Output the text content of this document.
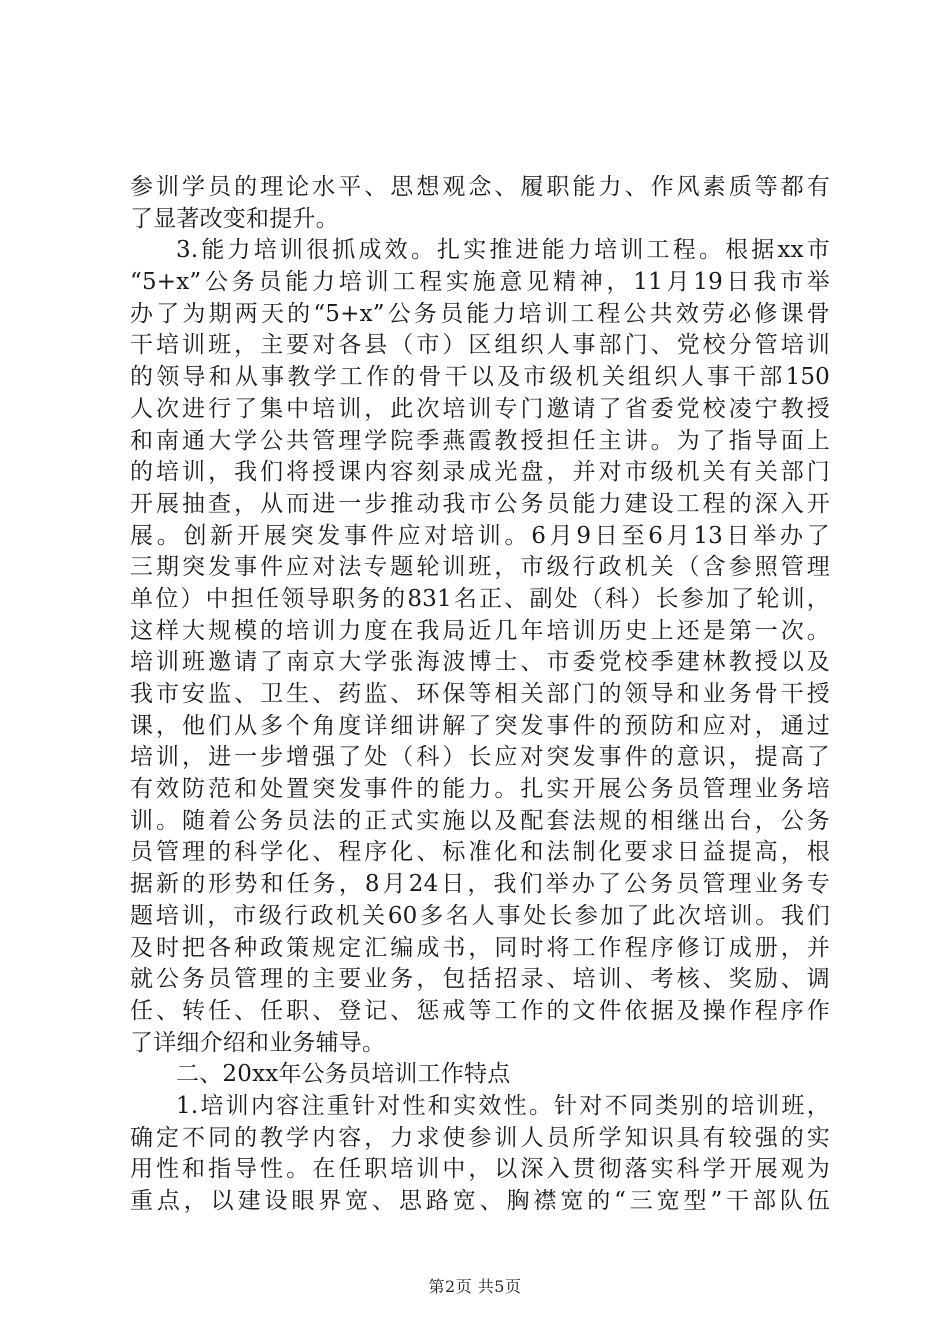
参训学员的理论水平、思想观念、履职能力、作风素质等都有
了显著改变和提升。
3.能力培训很抓成效。扎实推进能力培训工程。根据xx市
“5+x”公务员能力培训工程实施意见精神，11月19日我市举
办了为期两天的“5+x”公务员能力培训工程公共效劳必修课骨
干培训班，主要对各县（市）区组织人事部门、党校分管培训
的领导和从事教学工作的骨干以及市级机关组织人事干部150
人次进行了集中培训，此次培训专门邀请了省委党校凌宁教授
和南通大学公共管理学院季燕霞教授担任主讲。为了指导面上
的培训，我们将授课内容刻录成光盘，并对市级机关有关部门
开展抽查，从而进一步推动我市公务员能力建设工程的深入开
展。创新开展突发事件应对培训。6月9日至6月13日举办了
三期突发事件应对法专题轮训班，市级行政机关（含参照管理
单位）中担任领导职务的831名正、副处（科）长参加了轮训，
这样大规模的培训力度在我局近几年培训历史上还是第一次。
培训班邀请了南京大学张海波博士、市委党校季建林教授以及
我市安监、卫生、药监、环保等相关部门的领导和业务骨干授
课，他们从多个角度详细讲解了突发事件的预防和应对，通过
培训，进一步增强了处（科）长应对突发事件的意识，提高了
有效防范和处置突发事件的能力。扎实开展公务员管理业务培
训。随着公务员法的正式实施以及配套法规的相继出台，公务
员管理的科学化、程序化、标准化和法制化要求日益提高，根
据新的形势和任务，8月24日，我们举办了公务员管理业务专
题培训，市级行政机关60多名人事处长参加了此次培训。我们
及时把各种政策规定汇编成书，同时将工作程序修订成册，并
就公务员管理的主要业务，包括招录、培训、考核、奖励、调
任、转任、任职、登记、惩戒等工作的文件依据及操作程序作
了详细介绍和业务辅导。
二、20xx年公务员培训工作特点
1.培训内容注重针对性和实效性。针对不同类别的培训班，
确定不同的教学内容，力求使参训人员所学知识具有较强的实
用性和指导性。在任职培训中，以深入贯彻落实科学开展观为
重点，以建设眼界宽、思路宽、胸襟宽的“三宽型”干部队伍
第2页 共5页
